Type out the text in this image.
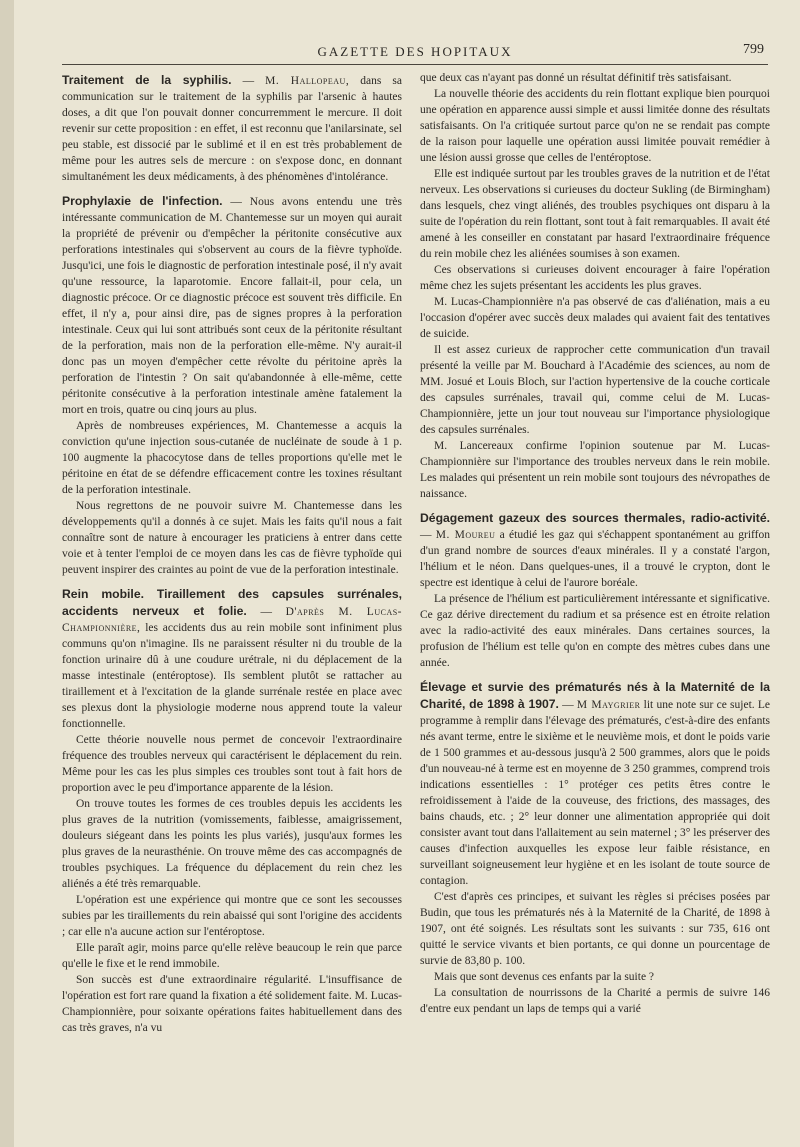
GAZETTE DES HOPITAUX	799

Traitement de la syphilis. — M. Hallopeau, dans sa communication sur le traitement de la syphilis par l'arsenic à hautes doses, a dit que l'on pouvait donner concurremment le mercure. Il doit revenir sur cette proposition : en effet, il est reconnu que l'anilarsinate, sel peu stable, est dissocié par le sublimé et il en est très probablement de même pour les autres sels de mercure : on s'expose donc, en donnant simultanément les deux médicaments, à des phénomènes d'intolérance.

Prophylaxie de l'infection. — Nous avons entendu une très intéressante communication de M. Chantemesse sur un moyen qui aurait la propriété de prévenir ou d'empêcher la péritonite consécutive aux perforations intestinales qui s'observent au cours de la fièvre typhoïde. Jusqu'ici, une fois le diagnostic de perforation intestinale posé, il n'y avait qu'une ressource, la laparotomie. Encore fallait-il, pour cela, un diagnostic précoce. Or ce diagnostic précoce est souvent très difficile. En effet, il n'y a, pour ainsi dire, pas de signes propres à la perforation intestinale. Ceux qui lui sont attribués sont ceux de la péritonite résultant de la perforation, mais non de la perforation elle-même. N'y aurait-il donc pas un moyen d'empêcher cette révolte du péritoine après la perforation de l'intestin ? On sait qu'abandonnée à elle-même, cette péritonite consécutive à la perforation intestinale amène fatalement la mort en trois, quatre ou cinq jours au plus.

Après de nombreuses expériences, M. Chantemesse a acquis la conviction qu'une injection sous-cutanée de nucléinate de soude à 1 p. 100 augmente la phacocytose dans de telles proportions qu'elle met le péritoine en état de se défendre efficacement contre les toxines résultant de la perforation intestinale.

Nous regrettons de ne pouvoir suivre M. Chantemesse dans les développements qu'il a donnés à ce sujet. Mais les faits qu'il nous a fait connaître sont de nature à encourager les praticiens à entrer dans cette voie et à tenter l'emploi de ce moyen dans les cas de fièvre typhoïde qui peuvent inspirer des craintes au point de vue de la perforation intestinale.

Rein mobile. Tiraillement des capsules surrénales, accidents nerveux et folie. — D'après M. Lucas-Championnière, les accidents dus au rein mobile sont infiniment plus communs qu'on n'imagine. Ils ne paraissent résulter ni du trouble de la fonction urinaire dû à une coudure urétrale, ni du déplacement de la masse intestinale (entéroptose). Ils semblent plutôt se rattacher au tiraillement et à l'excitation de la glande surrénale restée en place avec ses plexus dont la physiologie moderne nous apprend toute la valeur fonctionnelle.

Cette théorie nouvelle nous permet de concevoir l'extraordinaire fréquence des troubles nerveux qui caractérisent le déplacement du rein. Même pour les cas les plus simples ces troubles sont tout à fait hors de proportion avec le peu d'importance apparente de la lésion.

On trouve toutes les formes de ces troubles depuis les accidents les plus graves de la nutrition (vomissements, faiblesse, amaigrissement, douleurs siégeant dans les points les plus variés), jusqu'aux formes les plus graves de la neurasthénie. On trouve même des cas accompagnés de troubles psychiques. La fréquence du déplacement du rein chez les aliénés a été très remarquable.

L'opération est une expérience qui montre que ce sont les secousses subies par les tiraillements du rein abaissé qui sont l'origine des accidents ; car elle n'a aucune action sur l'entéroptose.

Elle paraît agir, moins parce qu'elle relève beaucoup le rein que parce qu'elle le fixe et le rend immobile.

Son succès est d'une extraordinaire régularité. L'insuffisance de l'opération est fort rare quand la fixation a été solidement faite. M. Lucas-Championnière, pour soixante opérations faites habituellement dans des cas très graves, n'a vu

que deux cas n'ayant pas donné un résultat définitif très satisfaisant.

La nouvelle théorie des accidents du rein flottant explique bien pourquoi une opération en apparence aussi simple et aussi limitée donne des résultats satisfaisants. On l'a critiquée surtout parce qu'on ne se rendait pas compte de la raison pour laquelle une opération aussi limitée pouvait remédier à une lésion aussi grosse que celles de l'entéroptose.

Elle est indiquée surtout par les troubles graves de la nutrition et de l'état nerveux. Les observations si curieuses du docteur Sukling (de Birmingham) dans lesquels, chez vingt aliénés, des troubles psychiques ont disparu à la suite de l'opération du rein flottant, sont tout à fait remarquables. Il avait été amené à les conseiller en constatant par hasard l'extraordinaire fréquence du rein mobile chez les aliénées soumises à son examen.

Ces observations si curieuses doivent encourager à faire l'opération même chez les sujets présentant les accidents les plus graves.

M. Lucas-Championnière n'a pas observé de cas d'aliénation, mais a eu l'occasion d'opérer avec succès deux malades qui avaient fait des tentatives de suicide.

Il est assez curieux de rapprocher cette communication d'un travail présenté la veille par M. Bouchard à l'Académie des sciences, au nom de MM. Josué et Louis Bloch, sur l'action hypertensive de la couche corticale des capsules surrénales, travail qui, comme celui de M. Lucas-Championnière, jette un jour tout nouveau sur l'importance physiologique des capsules surrénales.

M. Lancereaux confirme l'opinion soutenue par M. Lucas-Championnière sur l'importance des troubles nerveux dans le rein mobile. Les malades qui présentent un rein mobile sont toujours des névropathes de naissance.

Dégagement gazeux des sources thermales, radio-activité. — M. Moureu a étudié les gaz qui s'échappent spontanément au griffon d'un grand nombre de sources d'eaux minérales. Il y a constaté l'argon, l'hélium et le néon. Dans quelques-unes, il a trouvé le crypton, dont le spectre est identique à celui de l'aurore boréale.

La présence de l'hélium est particulièrement intéressante et significative. Ce gaz dérive directement du radium et sa présence est en étroite relation avec la radio-activité des eaux minérales. Dans certaines sources, la profusion de l'hélium est telle qu'on en compte des mètres cubes dans une année.

Élevage et survie des prématurés nés à la Maternité de la Charité, de 1898 à 1907. — M Maygrier lit une note sur ce sujet. Le programme à remplir dans l'élevage des prématurés, c'est-à-dire des enfants nés avant terme, entre le sixième et le neuvième mois, et dont le poids varie de 1 500 grammes et au-dessous jusqu'à 2 500 grammes, alors que le poids d'un nouveau-né à terme est en moyenne de 3 250 grammes, comprend trois indications essentielles : 1° protéger ces petits êtres contre le refroidissement à l'aide de la couveuse, des frictions, des massages, des bains chauds, etc. ; 2° leur donner une alimentation appropriée qui doit consister avant tout dans l'allaitement au sein maternel ; 3° les préserver des causes d'infection auxquelles les expose leur faible résistance, en surveillant soigneusement leur hygiène et en les isolant de toute source de contagion.

C'est d'après ces principes, et suivant les règles si précises posées par Budin, que tous les prématurés nés à la Maternité de la Charité, de 1898 à 1907, ont été soignés. Les résultats sont les suivants : sur 735, 616 ont quitté le service vivants et bien portants, ce qui donne un pourcentage de survie de 83,80 p. 100.

Mais que sont devenus ces enfants par la suite ?

La consultation de nourrissons de la Charité a permis de suivre 146 d'entre eux pendant un laps de temps qui a varié
